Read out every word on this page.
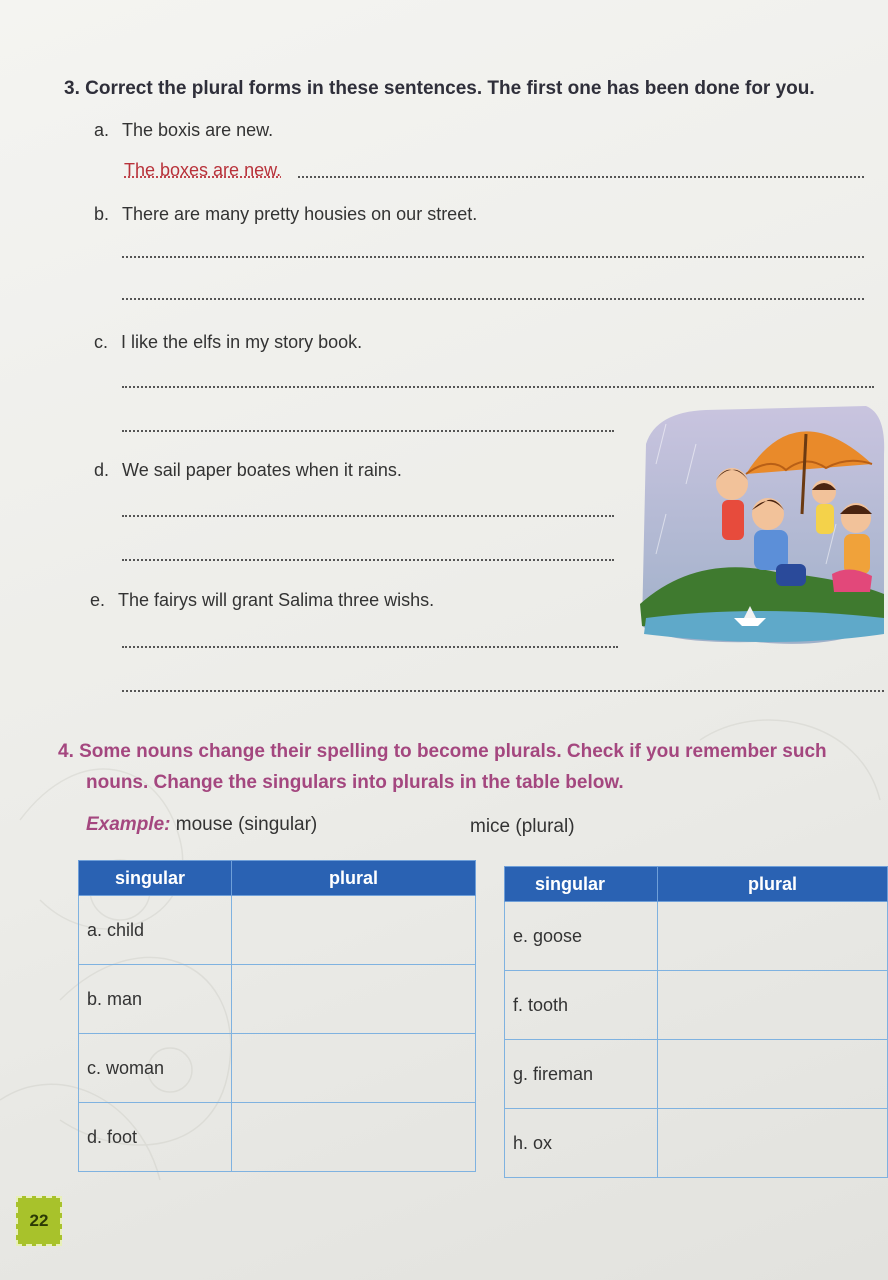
3. Correct the plural forms in these sentences. The first one has been done for you.
a. The boxis are new.
The boxes are new.
b. There are many pretty housies on our street.
c. I like the elfs in my story book.
d. We sail paper boates when it rains.
e. The fairys will grant Salima three wishs.
4. Some nouns change their spelling to become plurals. Check if you remember such
nouns. Change the singulars into plurals in the table below.
Example: mouse (singular)	mice (plural)
singular	plural
a. child	
b. man	
c. woman	
d. foot	
singular	plural
e. goose	
f. tooth	
g. fireman	
h. ox	
22
